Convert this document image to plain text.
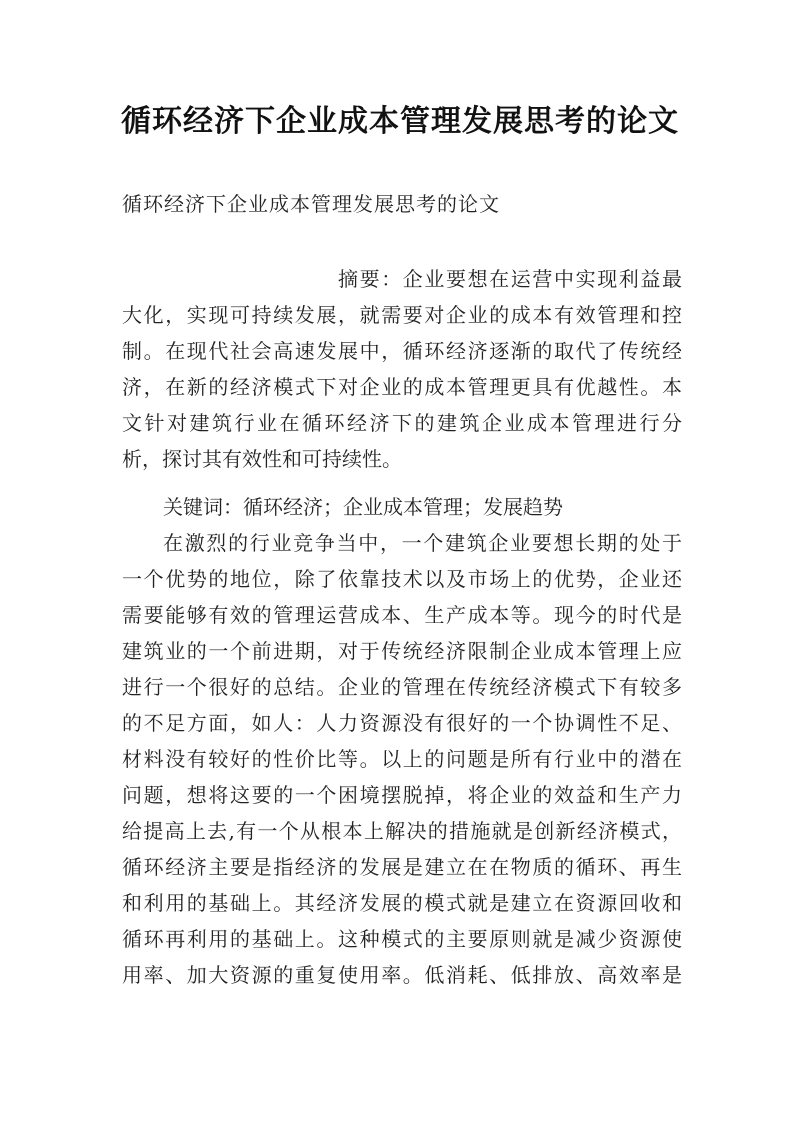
循环经济下企业成本管理发展思考的论文

循环经济下企业成本管理发展思考的论文

摘要：企业要想在运营中实现利益最

大化，实现可持续发展，就需要对企业的成本有效管理和控

制。在现代社会高速发展中，循环经济逐渐的取代了传统经

济，在新的经济模式下对企业的成本管理更具有优越性。本

文针对建筑行业在循环经济下的建筑企业成本管理进行分

析，探讨其有效性和可持续性。

关键词：循环经济；企业成本管理；发展趋势

在激烈的行业竞争当中，一个建筑企业要想长期的处于

一个优势的地位，除了依靠技术以及市场上的优势，企业还

需要能够有效的管理运营成本、生产成本等。现今的时代是

建筑业的一个前进期，对于传统经济限制企业成本管理上应

进行一个很好的总结。企业的管理在传统经济模式下有较多

的不足方面，如人：人力资源没有很好的一个协调性不足、

材料没有较好的性价比等。以上的问题是所有行业中的潜在

问题，想将这要的一个困境摆脱掉，将企业的效益和生产力

给提高上去,有一个从根本上解决的措施就是创新经济模式，

循环经济主要是指经济的发展是建立在在物质的循环、再生

和利用的基础上。其经济发展的模式就是建立在资源回收和

循环再利用的基础上。这种模式的主要原则就是减少资源使

用率、加大资源的重复使用率。低消耗、低排放、高效率是
